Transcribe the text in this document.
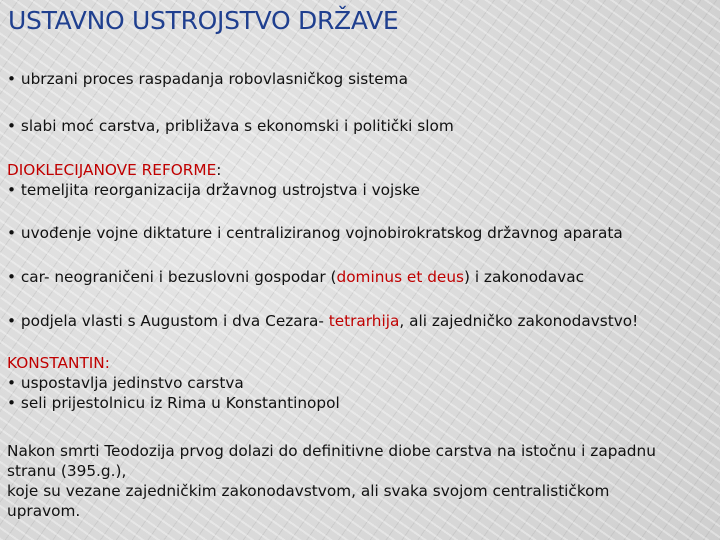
USTAVNO USTROJSTVO DRŽAVE

• ubrzani proces raspadanja robovlasničkog sistema

• slabi moć carstva, približava s ekonomski i politički slom

DIOKLECIJANOVE REFORME:
• temeljita reorganizacija državnog ustrojstva i vojske

• uvođenje vojne diktature i centraliziranog vojnobirokratskog državnog aparata

• car- neograničeni i bezuslovni gospodar (dominus et deus) i zakonodavac

• podjela vlasti s Augustom i dva Cezara- tetrarhija, ali zajedničko zakonodavstvo!

KONSTANTIN:
• uspostavlja jedinstvo carstva
• seli prijestolnicu iz Rima u Konstantinopol
Nakon smrti Teodozija prvog dolazi do definitivne diobe carstva na istočnu i zapadnu
stranu (395.g.),
koje su vezane zajedničkim zakonodavstvom, ali svaka svojom centralističkom
upravom.
